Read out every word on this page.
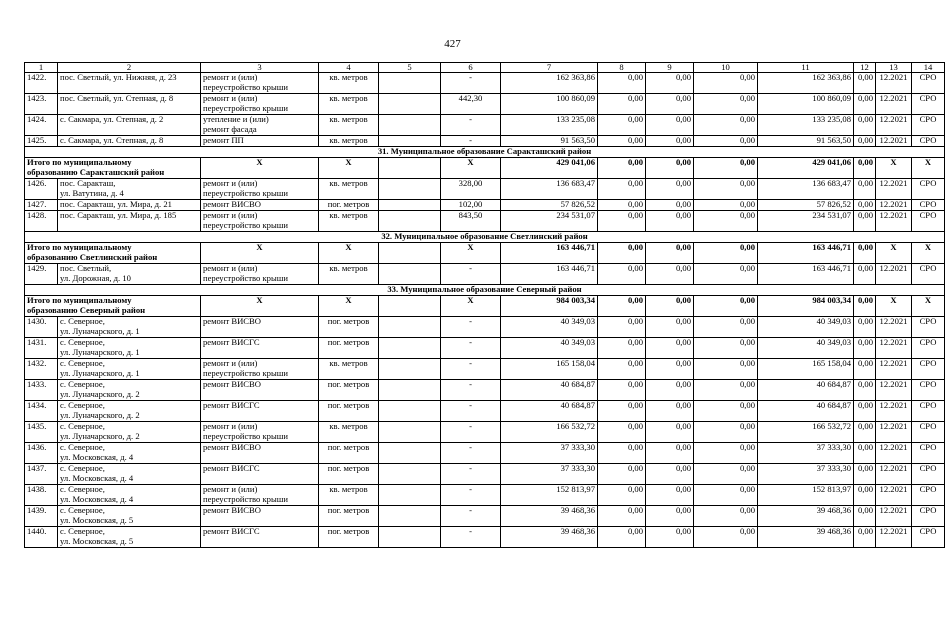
427
1	2	3	4	5	6	7	8	9	10	11	12	13	14
1422.	пос. Светлый, ул. Нижняя, д. 23	ремонт и (или)
переустройство крыши	кв. метров		-	162 363,86	0,00	0,00	0,00	162 363,86	0,00	12.2021	СРО
1423.	пос. Светлый, ул. Степная, д. 8	ремонт и (или)
переустройство крыши	кв. метров		442,30	100 860,09	0,00	0,00	0,00	100 860,09	0,00	12.2021	СРО
1424.	с. Сакмара, ул. Степная, д. 2	утепление и (или)
ремонт фасада	кв. метров		-	133 235,08	0,00	0,00	0,00	133 235,08	0,00	12.2021	СРО
1425.	с. Сакмара, ул. Степная, д. 8	ремонт ПП	кв. метров		-	91 563,50	0,00	0,00	0,00	91 563,50	0,00	12.2021	СРО
31. Муниципальное образование Саракташский район													

Итого по муниципальному
образованию Саракташский район		Х	Х		Х	429 041,06	0,00	0,00	0,00	429 041,06	0,00	Х	Х
1426.	пос. Саракташ,
ул. Ватутина, д. 4	ремонт и (или)
переустройство крыши	кв. метров		328,00	136 683,47	0,00	0,00	0,00	136 683,47	0,00	12.2021	СРО
1427.	пос. Саракташ, ул. Мира, д. 21	ремонт ВИСВО	пог. метров		102,00	57 826,52	0,00	0,00	0,00	57 826,52	0,00	12.2021	СРО
1428.	пос. Саракташ, ул. Мира, д. 185	ремонт и (или)
переустройство крыши	кв. метров		843,50	234 531,07	0,00	0,00	0,00	234 531,07	0,00	12.2021	СРО
32. Муниципальное образование Светлинский район													

Итого по муниципальному
образованию Светлинский район		Х	Х		Х	163 446,71	0,00	0,00	0,00	163 446,71	0,00	Х	Х
1429.	пос. Светлый,
ул. Дорожная, д. 10	ремонт и (или)
переустройство крыши	кв. метров		-	163 446,71	0,00	0,00	0,00	163 446,71	0,00	12.2021	СРО
33. Муниципальное образование Северный район													

Итого по муниципальному
образованию Северный район		Х	Х		Х	984 003,34	0,00	0,00	0,00	984 003,34	0,00	Х	Х
1430.	с. Северное,
ул. Луначарского, д. 1	ремонт ВИСВО	пог. метров		-	40 349,03	0,00	0,00	0,00	40 349,03	0,00	12.2021	СРО
1431.	с. Северное,
ул. Луначарского, д. 1	ремонт ВИСГС	пог. метров		-	40 349,03	0,00	0,00	0,00	40 349,03	0,00	12.2021	СРО
1432.	с. Северное,
ул. Луначарского, д. 1	ремонт и (или)
переустройство крыши	кв. метров		-	165 158,04	0,00	0,00	0,00	165 158,04	0,00	12.2021	СРО
1433.	с. Северное,
ул. Луначарского, д. 2	ремонт ВИСВО	пог. метров		-	40 684,87	0,00	0,00	0,00	40 684,87	0,00	12.2021	СРО
1434.	с. Северное,
ул. Луначарского, д. 2	ремонт ВИСГС	пог. метров		-	40 684,87	0,00	0,00	0,00	40 684,87	0,00	12.2021	СРО
1435.	с. Северное,
ул. Луначарского, д. 2	ремонт и (или)
переустройство крыши	кв. метров		-	166 532,72	0,00	0,00	0,00	166 532,72	0,00	12.2021	СРО
1436.	с. Северное,
ул. Московская, д. 4	ремонт ВИСВО	пог. метров		-	37 333,30	0,00	0,00	0,00	37 333,30	0,00	12.2021	СРО
1437.	с. Северное,
ул. Московская, д. 4	ремонт ВИСГС	пог. метров		-	37 333,30	0,00	0,00	0,00	37 333,30	0,00	12.2021	СРО
1438.	с. Северное,
ул. Московская, д. 4	ремонт и (или)
переустройство крыши	кв. метров		-	152 813,97	0,00	0,00	0,00	152 813,97	0,00	12.2021	СРО
1439.	с. Северное,
ул. Московская, д. 5	ремонт ВИСВО	пог. метров		-	39 468,36	0,00	0,00	0,00	39 468,36	0,00	12.2021	СРО
1440.	с. Северное,
ул. Московская, д. 5	ремонт ВИСГС	пог. метров		-	39 468,36	0,00	0,00	0,00	39 468,36	0,00	12.2021	СРО
